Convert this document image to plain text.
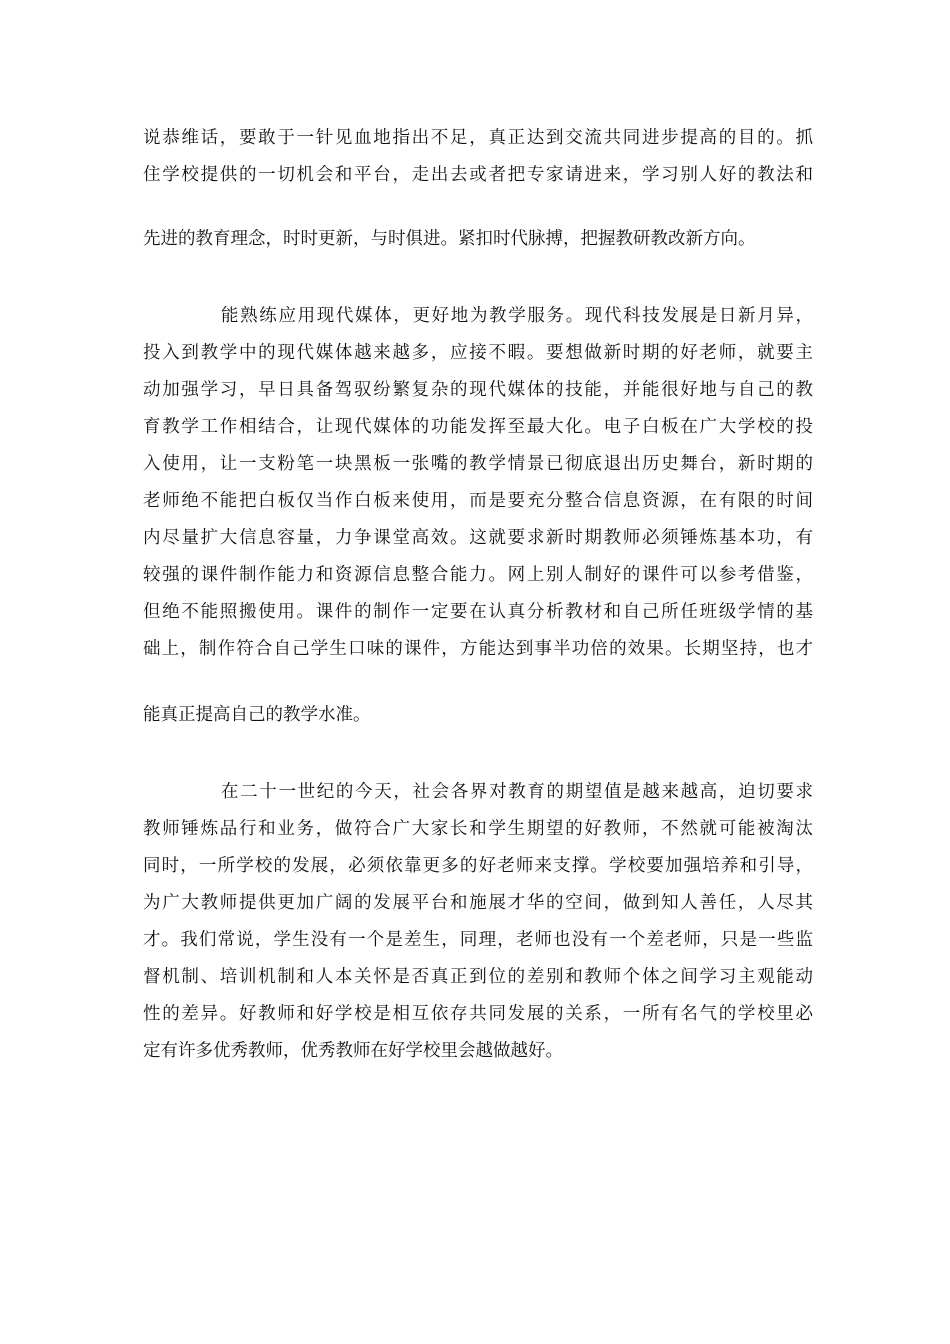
说恭维话，要敢于一针见血地指出不足，真正达到交流共同进步提高的目的。抓
住学校提供的一切机会和平台，走出去或者把专家请进来，学习别人好的教法和
先进的教育理念，时时更新，与时俱进。紧扣时代脉搏，把握教研教改新方向。
能熟练应用现代媒体，更好地为教学服务。现代科技发展是日新月异，
投入到教学中的现代媒体越来越多，应接不暇。要想做新时期的好老师，就要主
动加强学习，早日具备驾驭纷繁复杂的现代媒体的技能，并能很好地与自己的教
育教学工作相结合，让现代媒体的功能发挥至最大化。电子白板在广大学校的投
入使用，让一支粉笔一块黑板一张嘴的教学情景已彻底退出历史舞台，新时期的
老师绝不能把白板仅当作白板来使用，而是要充分整合信息资源，在有限的时间
内尽量扩大信息容量，力争课堂高效。这就要求新时期教师必须锤炼基本功，有
较强的课件制作能力和资源信息整合能力。网上别人制好的课件可以参考借鉴，
但绝不能照搬使用。课件的制作一定要在认真分析教材和自己所任班级学情的基
础上，制作符合自己学生口味的课件，方能达到事半功倍的效果。长期坚持，也才
能真正提高自己的教学水准。
在二十一世纪的今天，社会各界对教育的期望值是越来越高，迫切要求
教师锤炼品行和业务，做符合广大家长和学生期望的好教师，不然就可能被淘汰
同时，一所学校的发展，必须依靠更多的好老师来支撑。学校要加强培养和引导，
为广大教师提供更加广阔的发展平台和施展才华的空间，做到知人善任，人尽其
才。我们常说，学生没有一个是差生，同理，老师也没有一个差老师，只是一些监
督机制、培训机制和人本关怀是否真正到位的差别和教师个体之间学习主观能动
性的差异。好教师和好学校是相互依存共同发展的关系，一所有名气的学校里必
定有许多优秀教师，优秀教师在好学校里会越做越好。
